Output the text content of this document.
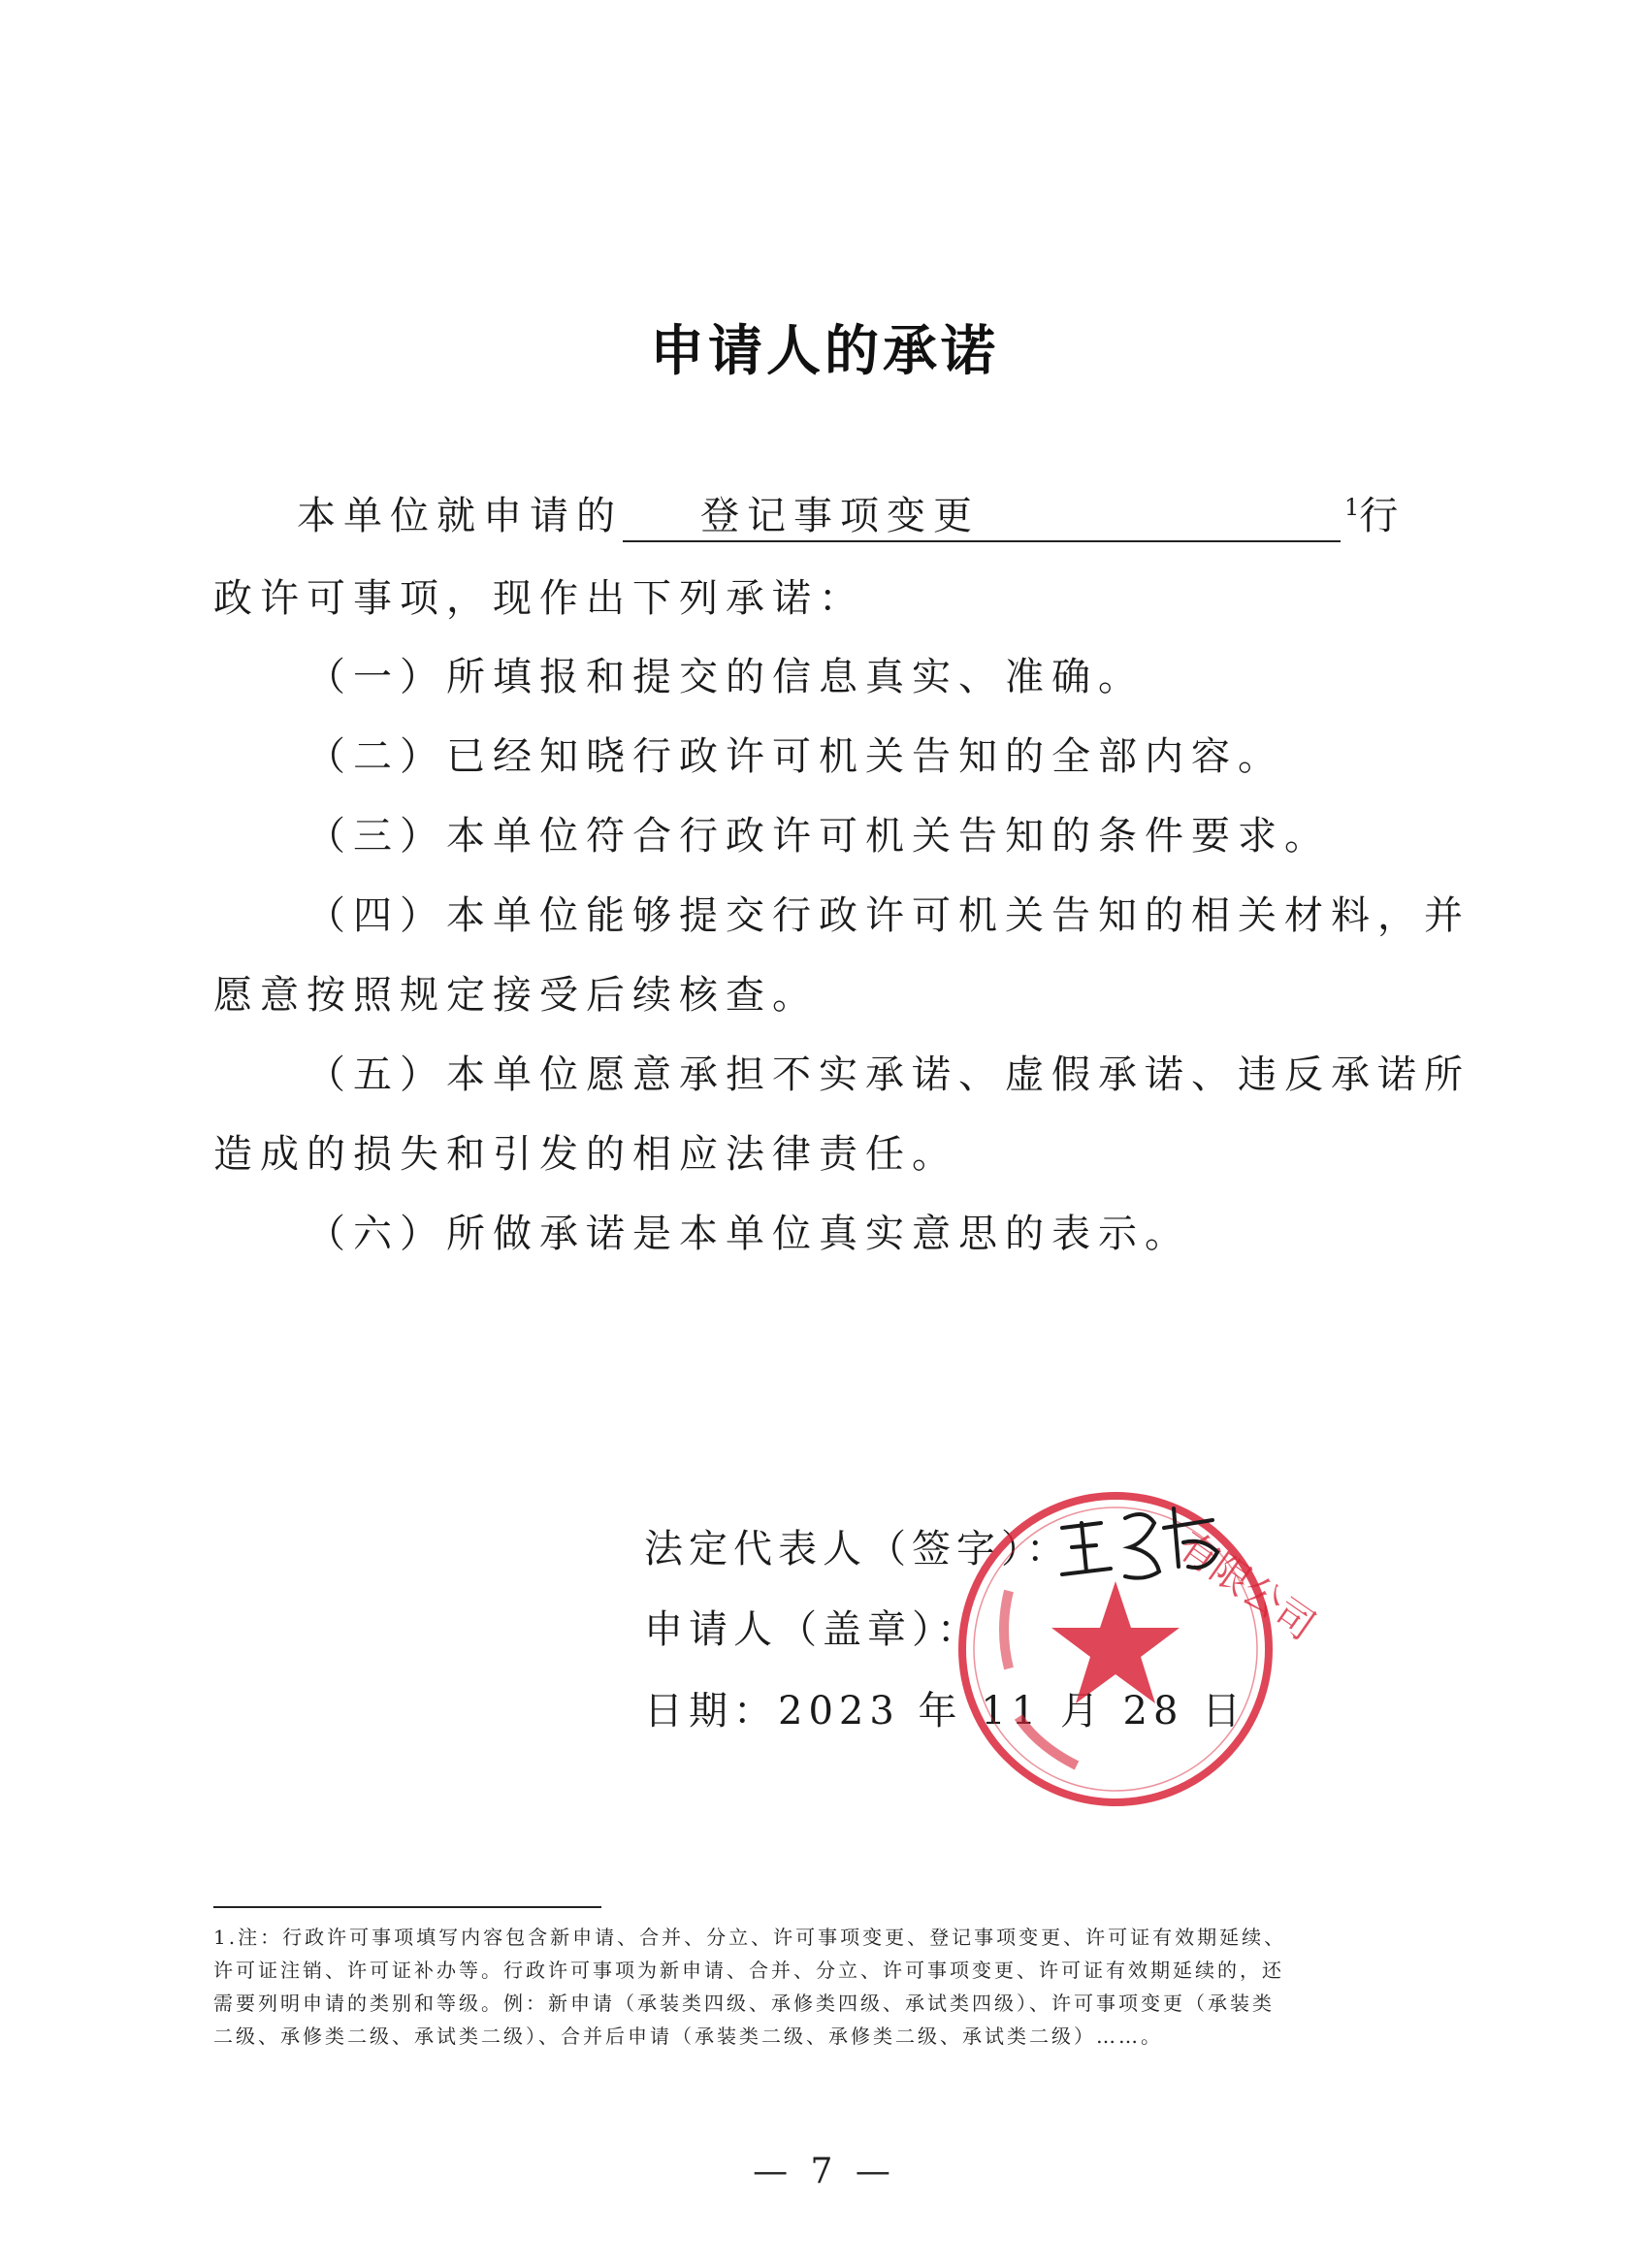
申请人的承诺
本单位就申请的 登记事项变更	$^1$行
政许可事项，现作出下列承诺：
（一）所填报和提交的信息真实、准确。
（二）已经知晓行政许可机关告知的全部内容。
（三）本单位符合行政许可机关告知的条件要求。
（四）本单位能够提交行政许可机关告知的相关材料，并
愿意按照规定接受后续核查。
（五）本单位愿意承担不实承诺、虚假承诺、违反承诺所
造成的损失和引发的相应法律责任。
（六）所做承诺是本单位真实意思的表示。
法定代表人（签字）：
申请人（盖章）：
日期：2023 年 11 月 28 日
有限公司
1.注：行政许可事项填写内容包含新申请、合并、分立、许可事项变更、登记事项变更、许可证有效期延续、
许可证注销、许可证补办等。行政许可事项为新申请、合并、分立、许可事项变更、许可证有效期延续的，还
需要列明申请的类别和等级。例：新申请（承装类四级、承修类四级、承试类四级）、许可事项变更（承装类
二级、承修类二级、承试类二级）、合并后申请（承装类二级、承修类二级、承试类二级）……。
— 7 —
